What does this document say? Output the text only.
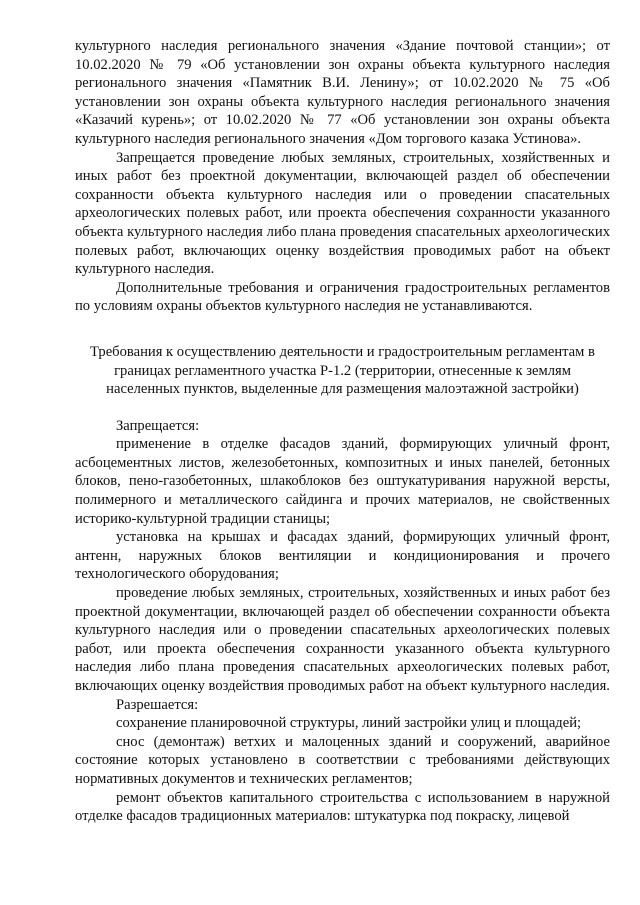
культурного наследия регионального значения «Здание почтовой станции»; от 10.02.2020 № 79 «Об установлении зон охраны объекта культурного наследия регионального значения «Памятник В.И. Ленину»; от 10.02.2020 № 75 «Об установлении зон охраны объекта культурного наследия регионального значения «Казачий курень»; от 10.02.2020 № 77 «Об установлении зон охраны объекта культурного наследия регионального значения «Дом торгового казака Устинова».

Запрещается проведение любых земляных, строительных, хозяйственных и иных работ без проектной документации, включающей раздел об обеспечении сохранности объекта культурного наследия или о проведении спасательных археологических полевых работ, или проекта обеспечения сохранности указанного объекта культурного наследия либо плана проведения спасательных археологических полевых работ, включающих оценку воздействия проводимых работ на объект культурного наследия.

Дополнительные требования и ограничения градостроительных регламентов по условиям охраны объектов культурного наследия не устанавливаются.

Требования к осуществлению деятельности и градостроительным регламентам в границах регламентного участка Р-1.2 (территории, отнесенные к землям населенных пунктов, выделенные для размещения малоэтажной застройки)

Запрещается:

применение в отделке фасадов зданий, формирующих уличный фронт, асбоцементных листов, железобетонных, композитных и иных панелей, бетонных блоков, пено-газобетонных, шлакоблоков без оштукатуривания наружной версты, полимерного и металлического сайдинга и прочих материалов, не свойственных историко-культурной традиции станицы;

установка на крышах и фасадах зданий, формирующих уличный фронт, антенн, наружных блоков вентиляции и кондиционирования и прочего технологического оборудования;

проведение любых земляных, строительных, хозяйственных и иных работ без проектной документации, включающей раздел об обеспечении сохранности объекта культурного наследия или о проведении спасательных археологических полевых работ, или проекта обеспечения сохранности указанного объекта культурного наследия либо плана проведения спасательных археологических полевых работ, включающих оценку воздействия проводимых работ на объект культурного наследия.

Разрешается:

сохранение планировочной структуры, линий застройки улиц и площадей;

снос (демонтаж) ветхих и малоценных зданий и сооружений, аварийное состояние которых установлено в соответствии с требованиями действующих нормативных документов и технических регламентов;

ремонт объектов капитального строительства с использованием в наружной отделке фасадов традиционных материалов: штукатурка под покраску, лицевой
